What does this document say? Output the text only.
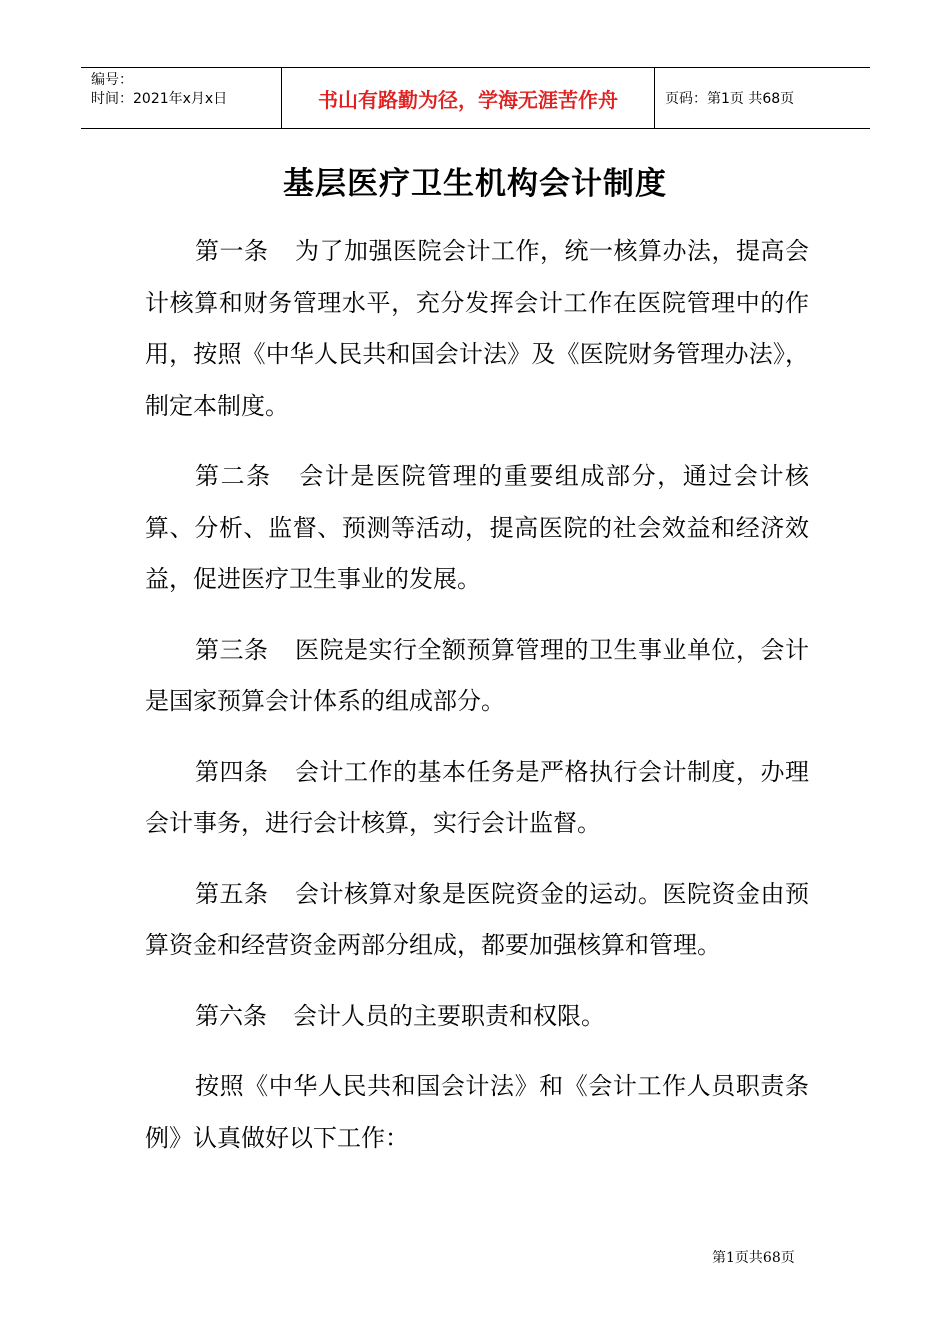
编号：
时间：2021年x月x日	书山有路勤为径，学海无涯苦作舟	页码：第1页 共68页
基层医疗卫生机构会计制度

第一条 为了加强医院会计工作，统一核算办法，提高会计核算和财务管理水平，充分发挥会计工作在医院管理中的作用，按照《中华人民共和国会计法》及《医院财务管理办法》，制定本制度。

第二条 会计是医院管理的重要组成部分，通过会计核算、分析、监督、预测等活动，提高医院的社会效益和经济效益，促进医疗卫生事业的发展。

第三条 医院是实行全额预算管理的卫生事业单位，会计是国家预算会计体系的组成部分。

第四条 会计工作的基本任务是严格执行会计制度，办理会计事务，进行会计核算，实行会计监督。

第五条 会计核算对象是医院资金的运动。医院资金由预算资金和经营资金两部分组成，都要加强核算和管理。

第六条 会计人员的主要职责和权限。

按照《中华人民共和国会计法》和《会计工作人员职责条例》认真做好以下工作：

第1页共68页
